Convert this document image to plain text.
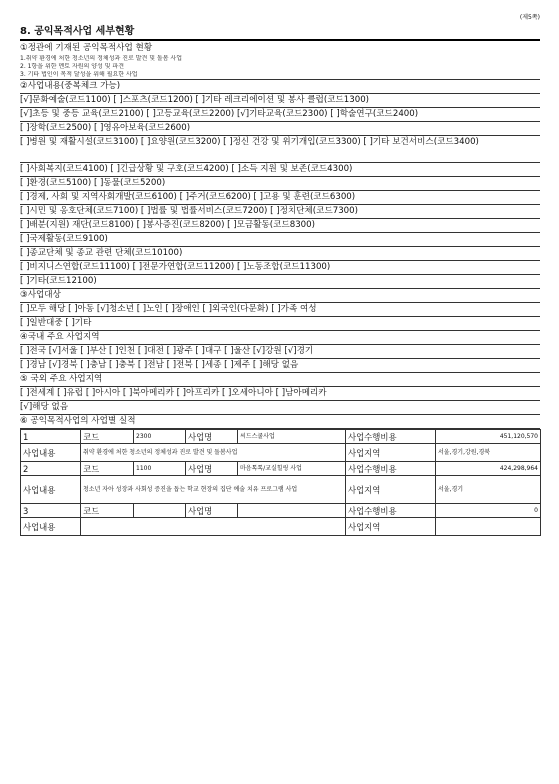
(제5쪽)
8. 공익목적사업 세부현황
①정관에 기재된 공익목적사업 현황
1.취약 환경에 처한 청소년의 정체성과 진로 발견 및 돌봄 사업
2. 1항을 위한 멘토 자원의 양성 및 파견
3. 기타 법인이 목적 달성을 위해 필요한 사업
②사업내용(중복체크 가능)
[√]문화예술(코드1100) [ ]스포츠(코드1200) [ ]기타 레크리에이션 및 봉사 클럽(코드1300)
[√]초등 및 중등 교육(코드2100) [ ]고등교육(코드2200) [√]기타교육(코드2300) [ ]학술연구(코드2400)
[ ]장학(코드2500) [ ]영유아보육(코드2600)
[ ]병원 및 재활시설(코드3100) [ ]요양원(코드3200) [ ]정신 건강 및 위기개입(코드3300) [ ]기타 보건서비스(코드3400)
[ ]사회복지(코드4100) [ ]긴급상황 및 구호(코드4200) [ ]소득 지원 및 보존(코드4300)
[ ]환경(코드5100) [ ]동물(코드5200)
[ ]경제, 사회 및 지역사회개발(코드6100) [ ]주거(코드6200) [ ]고용 및 훈련(코드6300)
[ ]시민 및 옹호단체(코드7100) [ ]법률 및 법률서비스(코드7200) [ ]정치단체(코드7300)
[ ]배분(지원) 재단(코드8100) [ ]봉사증진(코드8200) [ ]모금활동(코드8300)
[ ]국제활동(코드9100)
[ ]종교단체 및 종교 관련 단체(코드10100)
[ ]비지니스연합(코드11100) [ ]전문가연합(코드11200) [ ]노동조합(코드11300)
[ ]기타(코드12100)
③사업대상
[ ]모두 해당 [ ]아동 [√]청소년 [ ]노인 [ ]장애인 [ ]외국인(다문화) [ ]가족 여성
[ ]일반대중 [ ]기타
④국내 주요 사업지역
[ ]전국 [√]서울 [ ]부산 [ ]인천 [ ]대전 [ ]광주 [ ]대구 [ ]울산 [√]강원 [√]경기
[ ]경남 [√]경북 [ ]충남 [ ]충북 [ ]전남 [ ]전북 [ ]세종 [ ]제주 [ ]해당 없음
⑤ 국외 주요 사업지역
[ ]전세계 [ ]유럽 [ ]아시아 [ ]북아메리카 [ ]아프리카 [ ]오세아니아 [ ]남아메리카
[√]해당 없음
⑥ 공익목적사업의 사업별 실적
1	코드	2300	사업명	씨드스쿨사업	사업수행비용	451,120,570
사업내용	취약 환경에 처한 청소년의 정체성과 진로 발견 및 돌봄사업				사업지역	서울,경기,강원,경북
2	코드	1100	사업명	마음톡톡/교실힐링 사업	사업수행비용	424,298,964
사업내용	청소년 자아 성장과 사회성 증진을 돕는 학교 현장의 집단 예술 치유 프로그램 사업				사업지역	서울,경기
3	코드		사업명		사업수행비용	0
사업내용					사업지역	
